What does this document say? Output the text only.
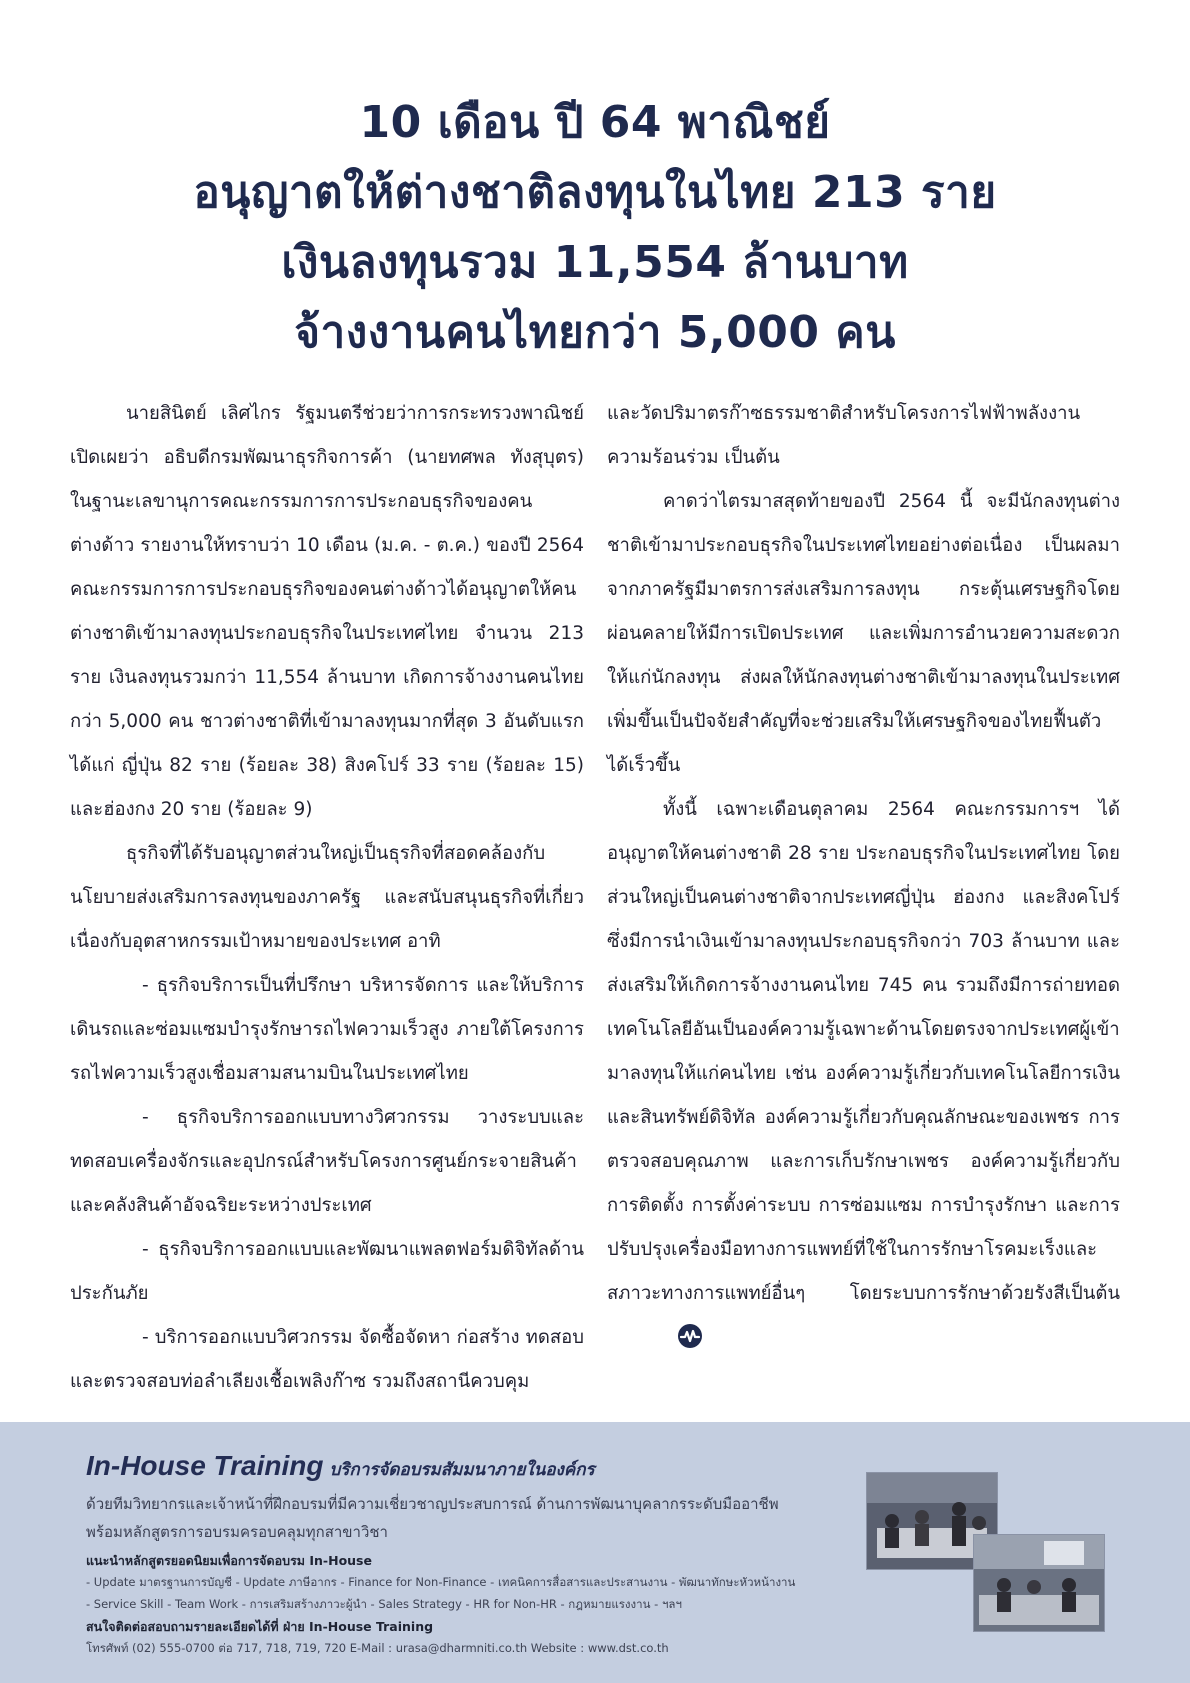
10 เดือน ปี 64 พาณิชย์
อนุญาตให้ต่างชาติลงทุนในไทย 213 ราย
เงินลงทุนรวม 11,554 ล้านบาท
จ้างงานคนไทยกว่า 5,000 คน

นายสินิตย์ เลิศไกร รัฐมนตรีช่วยว่าการกระทรวงพาณิชย์ เปิดเผยว่า อธิบดีกรมพัฒนาธุรกิจการค้า (นายทศพล ทังสุบุตร) ในฐานะเลขานุการคณะกรรมการการประกอบธุรกิจของคนต่างด้าว รายงานให้ทราบว่า 10 เดือน (ม.ค. - ต.ค.) ของปี 2564 คณะกรรมการการประกอบธุรกิจของคนต่างด้าวได้อนุญาตให้คนต่างชาติเข้ามาลงทุนประกอบธุรกิจในประเทศไทย จำนวน 213 ราย เงินลงทุนรวมกว่า 11,554 ล้านบาท เกิดการจ้างงานคนไทยกว่า 5,000 คน ชาวต่างชาติที่เข้ามาลงทุนมากที่สุด 3 อันดับแรก ได้แก่ ญี่ปุ่น 82 ราย (ร้อยละ 38) สิงคโปร์ 33 ราย (ร้อยละ 15) และฮ่องกง 20 ราย (ร้อยละ 9)

ธุรกิจที่ได้รับอนุญาตส่วนใหญ่เป็นธุรกิจที่สอดคล้องกับนโยบายส่งเสริมการลงทุนของภาครัฐ และสนับสนุนธุรกิจที่เกี่ยวเนื่องกับอุตสาหกรรมเป้าหมายของประเทศ อาทิ

- ธุรกิจบริการเป็นที่ปรึกษา บริหารจัดการ และให้บริการเดินรถและซ่อมแซมบำรุงรักษารถไฟความเร็วสูง ภายใต้โครงการรถไฟความเร็วสูงเชื่อมสามสนามบินในประเทศไทย

- ธุรกิจบริการออกแบบทางวิศวกรรม วางระบบและทดสอบเครื่องจักรและอุปกรณ์สำหรับโครงการศูนย์กระจายสินค้าและคลังสินค้าอัจฉริยะระหว่างประเทศ

- ธุรกิจบริการออกแบบและพัฒนาแพลตฟอร์มดิจิทัลด้านประกันภัย

- บริการออกแบบวิศวกรรม จัดซื้อจัดหา ก่อสร้าง ทดสอบและตรวจสอบท่อลำเลียงเชื้อเพลิงก๊าซ รวมถึงสถานีควบคุม

และวัดปริมาตรก๊าซธรรมชาติสำหรับโครงการไฟฟ้าพลังงานความร้อนร่วม เป็นต้น

คาดว่าไตรมาสสุดท้ายของปี 2564 นี้ จะมีนักลงทุนต่างชาติเข้ามาประกอบธุรกิจในประเทศไทยอย่างต่อเนื่อง เป็นผลมาจากภาครัฐมีมาตรการส่งเสริมการลงทุน กระตุ้นเศรษฐกิจโดยผ่อนคลายให้มีการเปิดประเทศ และเพิ่มการอำนวยความสะดวกให้แก่นักลงทุน ส่งผลให้นักลงทุนต่างชาติเข้ามาลงทุนในประเทศเพิ่มขึ้นเป็นปัจจัยสำคัญที่จะช่วยเสริมให้เศรษฐกิจของไทยฟื้นตัวได้เร็วขึ้น

ทั้งนี้ เฉพาะเดือนตุลาคม 2564 คณะกรรมการฯ ได้อนุญาตให้คนต่างชาติ 28 ราย ประกอบธุรกิจในประเทศไทย โดยส่วนใหญ่เป็นคนต่างชาติจากประเทศญี่ปุ่น ฮ่องกง และสิงคโปร์ ซึ่งมีการนำเงินเข้ามาลงทุนประกอบธุรกิจกว่า 703 ล้านบาท และส่งเสริมให้เกิดการจ้างงานคนไทย 745 คน รวมถึงมีการถ่ายทอดเทคโนโลยีอันเป็นองค์ความรู้เฉพาะด้านโดยตรงจากประเทศผู้เข้ามาลงทุนให้แก่คนไทย เช่น องค์ความรู้เกี่ยวกับเทคโนโลยีการเงินและสินทรัพย์ดิจิทัล องค์ความรู้เกี่ยวกับคุณลักษณะของเพชร การตรวจสอบคุณภาพ และการเก็บรักษาเพชร องค์ความรู้เกี่ยวกับการติดตั้ง การตั้งค่าระบบ การซ่อมแซม การบำรุงรักษา และการปรับปรุงเครื่องมือทางการแพทย์ที่ใช้ในการรักษาโรคมะเร็งและสภาวะทางการแพทย์อื่นๆ โดยระบบการรักษาด้วยรังสีเป็นต้น

In-House Training บริการจัดอบรมสัมมนาภายในองค์กร
ด้วยทีมวิทยากรและเจ้าหน้าที่ฝึกอบรมที่มีความเชี่ยวชาญประสบการณ์ ด้านการพัฒนาบุคลากรระดับมืออาชีพ
พร้อมหลักสูตรการอบรมครอบคลุมทุกสาขาวิชา
แนะนำหลักสูตรยอดนิยมเพื่อการจัดอบรม In-House
- Update มาตรฐานการบัญชี - Update ภาษีอากร - Finance for Non-Finance - เทคนิคการสื่อสารและประสานงาน - พัฒนาทักษะหัวหน้างาน
- Service Skill - Team Work - การเสริมสร้างภาวะผู้นำ - Sales Strategy - HR for Non-HR - กฎหมายแรงงาน - ฯลฯ
สนใจติดต่อสอบถามรายละเอียดได้ที่ ฝ่าย In-House Training
โทรศัพท์ (02) 555-0700 ต่อ 717, 718, 719, 720 E-Mail : urasa@dharmniti.co.th Website : www.dst.co.th
